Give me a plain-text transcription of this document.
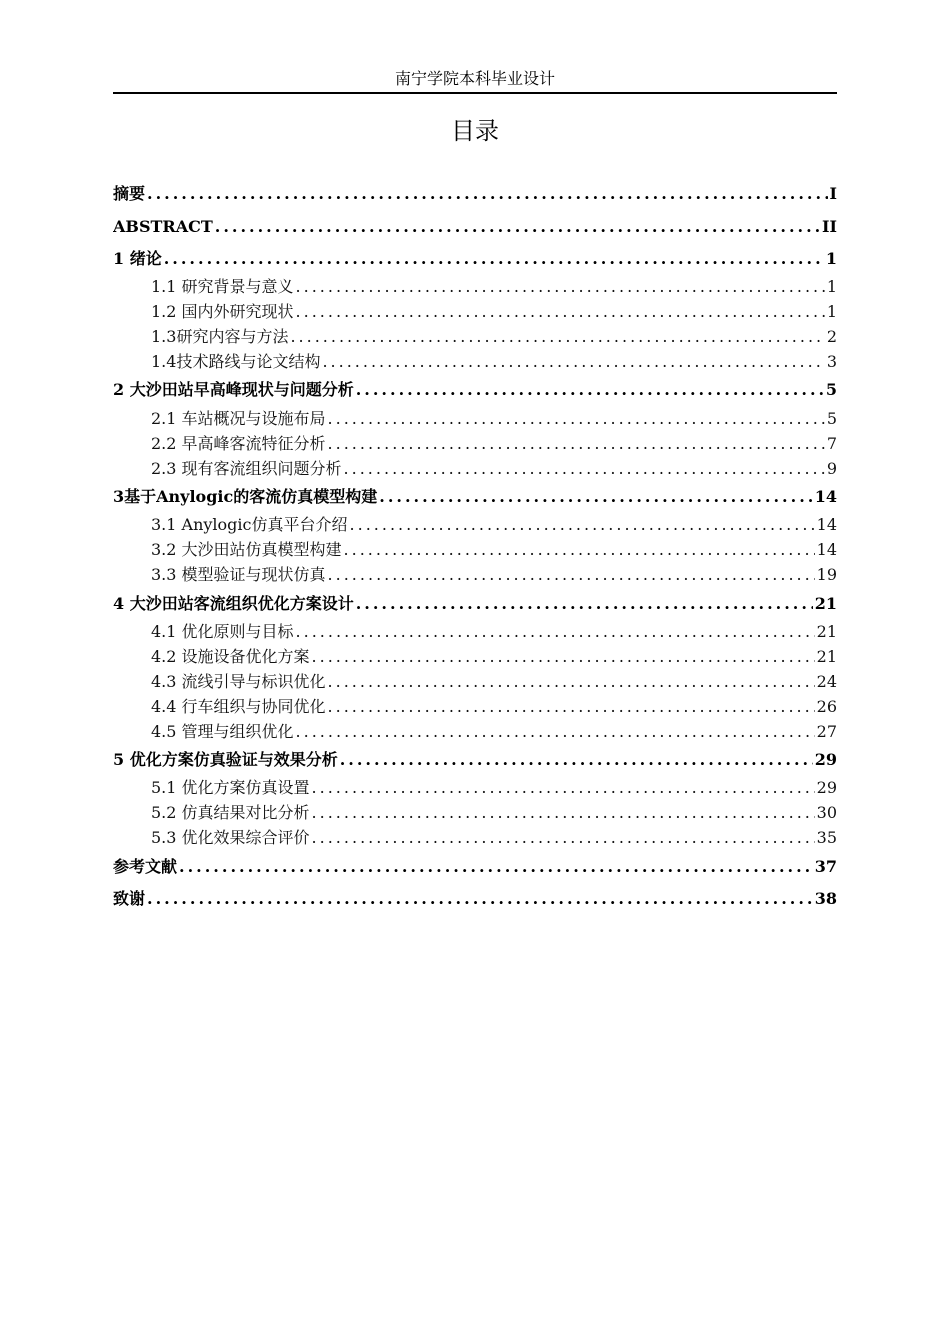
南宁学院本科毕业设计
目录
摘要 .....	I
ABSTRACT .....	II
1 绪论 .....	1
1.1 研究背景与意义 .....	1
1.2 国内外研究现状 .....	1
1.3研究内容与方法 .....	2
1.4技术路线与论文结构 .....	3
2 大沙田站早高峰现状与问题分析 .....	5
2.1 车站概况与设施布局 .....	5
2.2 早高峰客流特征分析 .....	7
2.3 现有客流组织问题分析 .....	9
3基于Anylogic的客流仿真模型构建 .....	14
3.1 Anylogic仿真平台介绍 .....	14
3.2 大沙田站仿真模型构建 .....	14
3.3 模型验证与现状仿真 .....	19
4 大沙田站客流组织优化方案设计 .....	21
4.1 优化原则与目标 .....	21
4.2 设施设备优化方案 .....	21
4.3 流线引导与标识优化 .....	24
4.4 行车组织与协同优化 .....	26
4.5 管理与组织优化 .....	27
5 优化方案仿真验证与效果分析 .....	29
5.1 优化方案仿真设置 .....	29
5.2 仿真结果对比分析 .....	30
5.3 优化效果综合评价 .....	35
参考文献 .....	37
致谢 .....	38
